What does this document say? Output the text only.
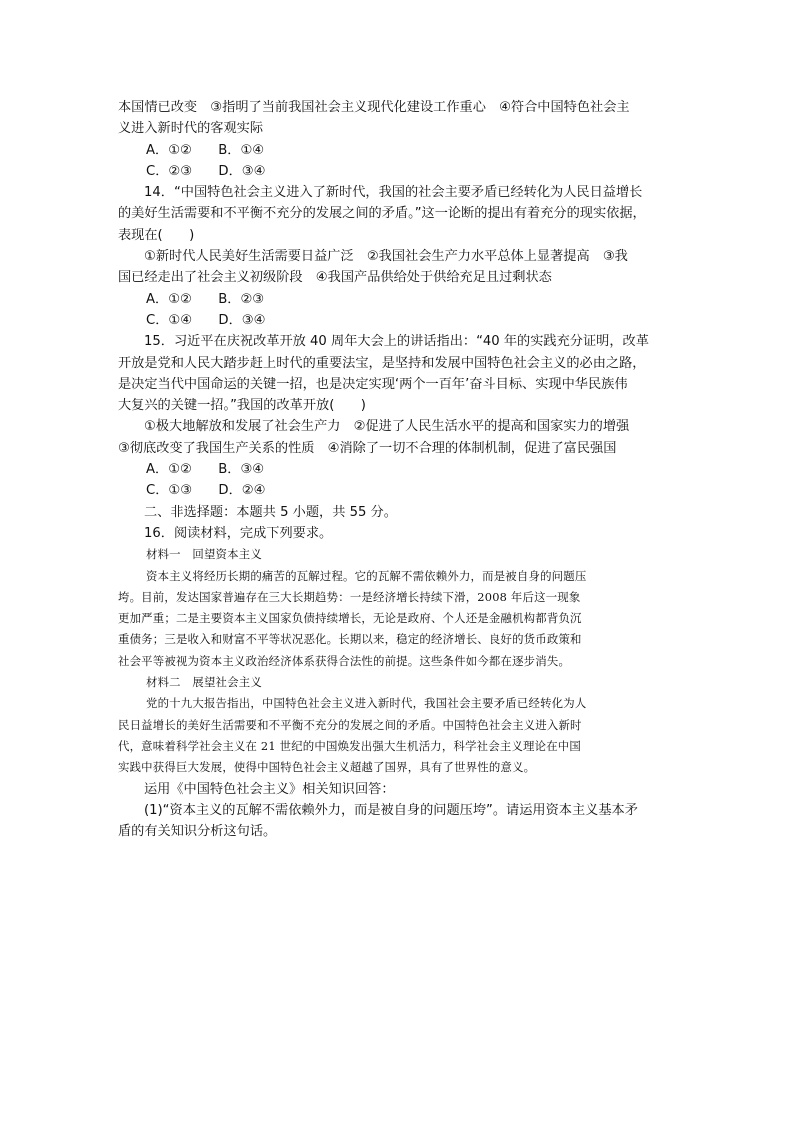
本国情已改变　③指明了当前我国社会主义现代化建设工作重心　④符合中国特色社会主
义进入新时代的客观实际
A．①②　　B．①④
C．②③　　D．③④
14．“中国特色社会主义进入了新时代，我国的社会主要矛盾已经转化为人民日益增长
的美好生活需要和不平衡不充分的发展之间的矛盾。”这一论断的提出有着充分的现实依据，
表现在(　　)
①新时代人民美好生活需要日益广泛　②我国社会生产力水平总体上显著提高　③我
国已经走出了社会主义初级阶段　④我国产品供给处于供给充足且过剩状态
A．①②　　B．②③
C．①④　　D．③④
15．习近平在庆祝改革开放 40 周年大会上的讲话指出：“40 年的实践充分证明，改革
开放是党和人民大踏步赶上时代的重要法宝，是坚持和发展中国特色社会主义的必由之路，
是决定当代中国命运的关键一招，也是决定实现‘两个一百年’奋斗目标、实现中华民族伟
大复兴的关键一招。”我国的改革开放(　　)
①极大地解放和发展了社会生产力　②促进了人民生活水平的提高和国家实力的增强
③彻底改变了我国生产关系的性质　④消除了一切不合理的体制机制，促进了富民强国
A．①②　　B．③④
C．①③　　D．②④
二、非选择题：本题共 5 小题，共 55 分。
16．阅读材料，完成下列要求。
材料一　回望资本主义
资本主义将经历长期的痛苦的瓦解过程。它的瓦解不需依赖外力，而是被自身的问题压
垮。目前，发达国家普遍存在三大长期趋势：一是经济增长持续下滑，2008 年后这一现象
更加严重；二是主要资本主义国家负债持续增长，无论是政府、个人还是金融机构都背负沉
重债务；三是收入和财富不平等状况恶化。长期以来，稳定的经济增长、良好的货币政策和
社会平等被视为资本主义政治经济体系获得合法性的前提。这些条件如今都在逐步消失。
材料二　展望社会主义
党的十九大报告指出，中国特色社会主义进入新时代，我国社会主要矛盾已经转化为人
民日益增长的美好生活需要和不平衡不充分的发展之间的矛盾。中国特色社会主义进入新时
代，意味着科学社会主义在 21 世纪的中国焕发出强大生机活力，科学社会主义理论在中国
实践中获得巨大发展，使得中国特色社会主义超越了国界，具有了世界性的意义。
运用《中国特色社会主义》相关知识回答：
(1)“资本主义的瓦解不需依赖外力，而是被自身的问题压垮”。请运用资本主义基本矛
盾的有关知识分析这句话。
